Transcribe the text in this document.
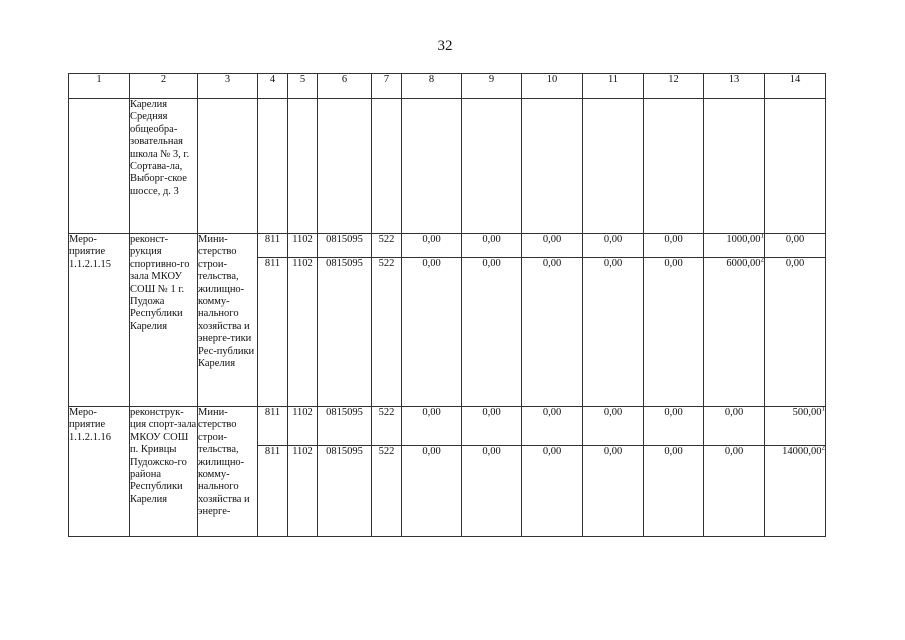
32
1	2	3	4	5	6	7	8	9	10	11	12	13	14
	Карелия Средняя общеобра-зовательная школа № 3, г. Сортава-ла, Выборг-ское шоссе, д. 3												
Меро-приятие 1.1.2.1.15	реконст-рукция спортивно-го зала МКОУ СОШ № 1 г. Пудожа Республики Карелия	Мини-стерство строи-тельства, жилищно-комму-нального хозяйства и энерге-тики Рес-публики Карелия	811	1102	0815095	522	0,00	0,00	0,00	0,00	0,00	1000,00$^1$	0,00
			811	1102	0815095	522	0,00	0,00	0,00	0,00	0,00	6000,00$^2$	0,00
Меро-приятие 1.1.2.1.16	реконструк-ция спорт-зала МКОУ СОШ п. Кривцы Пудожско-го района Республики Карелия	Мини-стерство строи-тельства, жилищно-комму-нального хозяйства и энерге-	811	1102	0815095	522	0,00	0,00	0,00	0,00	0,00	0,00	500,00$^1$
			811	1102	0815095	522	0,00	0,00	0,00	0,00	0,00	0,00	14000,00$^2$
